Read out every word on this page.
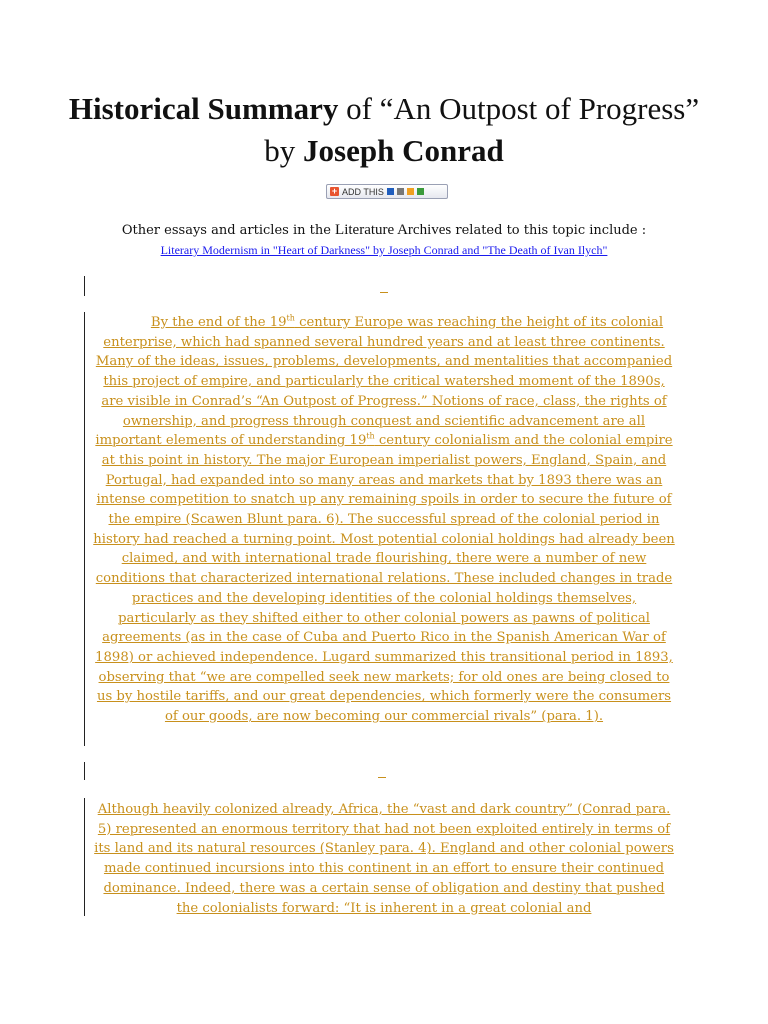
Historical Summary of “An Outpost of Progress” by Joseph Conrad
+ ADD THIS
Other essays and articles in the Literature Archives related to this topic include :
Literary Modernism in "Heart of Darkness" by Joseph Conrad and "The Death of Ivan Ilych"

By the end of the 19th century Europe was reaching the height of its colonial enterprise, which had spanned several hundred years and at least three continents. Many of the ideas, issues, problems, developments, and mentalities that accompanied this project of empire, and particularly the critical watershed moment of the 1890s, are visible in Conrad’s “An Outpost of Progress.” Notions of race, class, the rights of ownership, and progress through conquest and scientific advancement are all important elements of understanding 19th century colonialism and the colonial empire at this point in history. The major European imperialist powers, England, Spain, and Portugal, had expanded into so many areas and markets that by 1893 there was an intense competition to snatch up any remaining spoils in order to secure the future of the empire (Scawen Blunt para. 6). The successful spread of the colonial period in history had reached a turning point. Most potential colonial holdings had already been claimed, and with international trade flourishing, there were a number of new conditions that characterized international relations. These included changes in trade practices and the developing identities of the colonial holdings themselves, particularly as they shifted either to other colonial powers as pawns of political agreements (as in the case of Cuba and Puerto Rico in the Spanish American War of 1898) or achieved independence. Lugard summarized this transitional period in 1893, observing that “we are compelled seek new markets; for old ones are being closed to us by hostile tariffs, and our great dependencies, which formerly were the consumers of our goods, are now becoming our commercial rivals” (para. 1).

Although heavily colonized already, Africa, the “vast and dark country” (Conrad para. 5) represented an enormous territory that had not been exploited entirely in terms of its land and its natural resources (Stanley para. 4). England and other colonial powers made continued incursions into this continent in an effort to ensure their continued dominance. Indeed, there was a certain sense of obligation and destiny that pushed the colonialists forward: “It is inherent in a great colonial and
